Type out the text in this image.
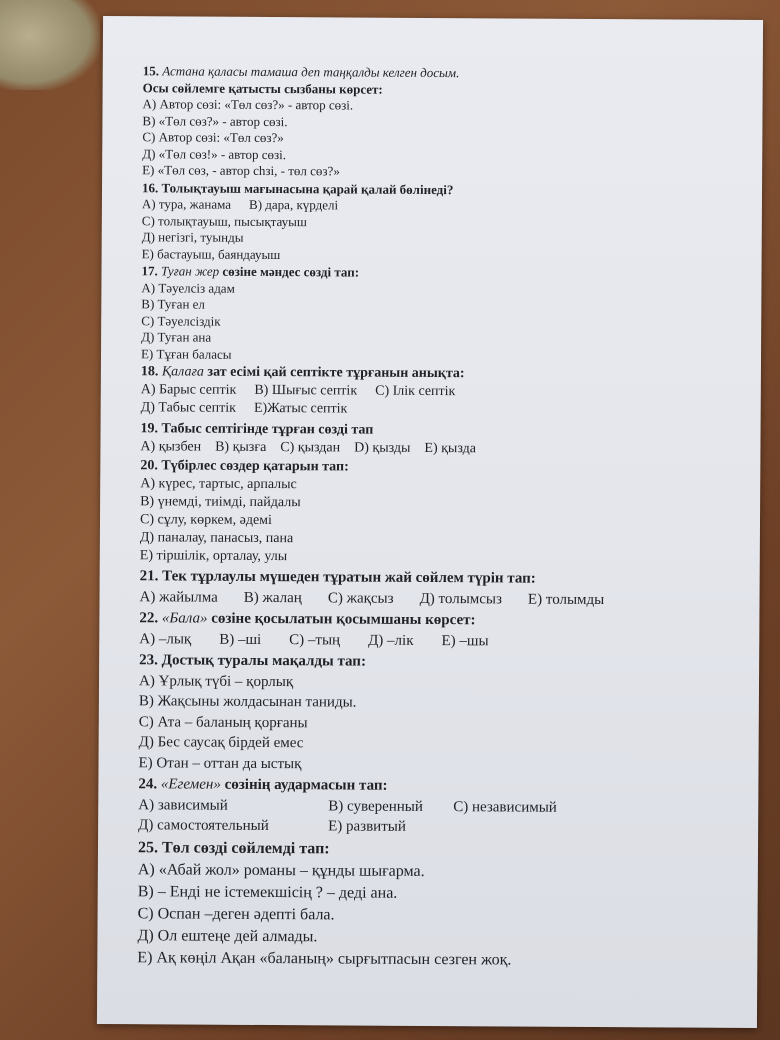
15. Астана қаласы тамаша деп таңқалды келген досым.
Осы сөйлемге қатысты сызбаны көрсет:
А) Автор сөзі: «Төл сөз?» - автор сөзі.
В) «Төл сөз?» - автор сөзі.
С) Автор сөзі: «Төл сөз?»
Д) «Төл сөз!» - автор сөзі.
Е) «Төл сөз, - автор сhзі, - төл сөз?»
16. Толықтауыш мағынасына қарай қалай бөлінеді?
А) тура, жанама В) дара, күрделі
С) толықтауыш, пысықтауыш
Д) негізгі, туынды
Е) бастауыш, баяндауыш
17. Туған жер сөзіне мәндес сөзді тап:
А) Тәуелсіз адам
В) Туған ел
С) Тәуелсіздік
Д) Туған ана
Е) Тұған баласы
18. Қалаға зат есімі қай септікте тұрғанын анықта:
А) Барыс септік В) Шығыс септік С) Ілік септік
Д) Табыс септік Е)Жатыс септік
19. Табыс септігінде тұрған сөзді тап
А) қызбен В) қызға С) қыздан D) қызды Е) қызда
20. Түбірлес сөздер қатарын тап:
А) күрес, тартыс, арпалыс
В) үнемді, тиімді, пайдалы
С) сұлу, көркем, әдемі
Д) паналау, панасыз, пана
Е) тіршілік, орталау, улы
21. Тек тұрлаулы мүшеден тұратын жай сөйлем түрін тап:
А) жайылма В) жалаң С) жақсыз Д) толымсыз Е) толымды
22. «Бала» сөзіне қосылатын қосымшаны көрсет:
А) –лық В) –ші С) –тың Д) –лік Е) –шы
23. Достық туралы мақалды тап:
А) Ұрлық түбі – қорлық
В) Жақсыны жолдасынан таниды.
С) Ата – баланың қорғаны
Д) Бес саусақ бірдей емес
Е) Отан – оттан да ыстық
24. «Егемен» сөзінің аудармасын тап:
А) зависимый	В) суверенный	С) независимый
Д) самостоятельный	Е) развитый
25. Төл сөзді сөйлемді тап:
А) «Абай жол» романы – құнды шығарма.
В) – Енді не істемекшісің ? – деді ана.
С) Оспан –деген әдепті бала.
Д) Ол ештеңе дей алмады.
Е) Ақ көңіл Ақан «баланың» сырғытпасын сезген жоқ.
